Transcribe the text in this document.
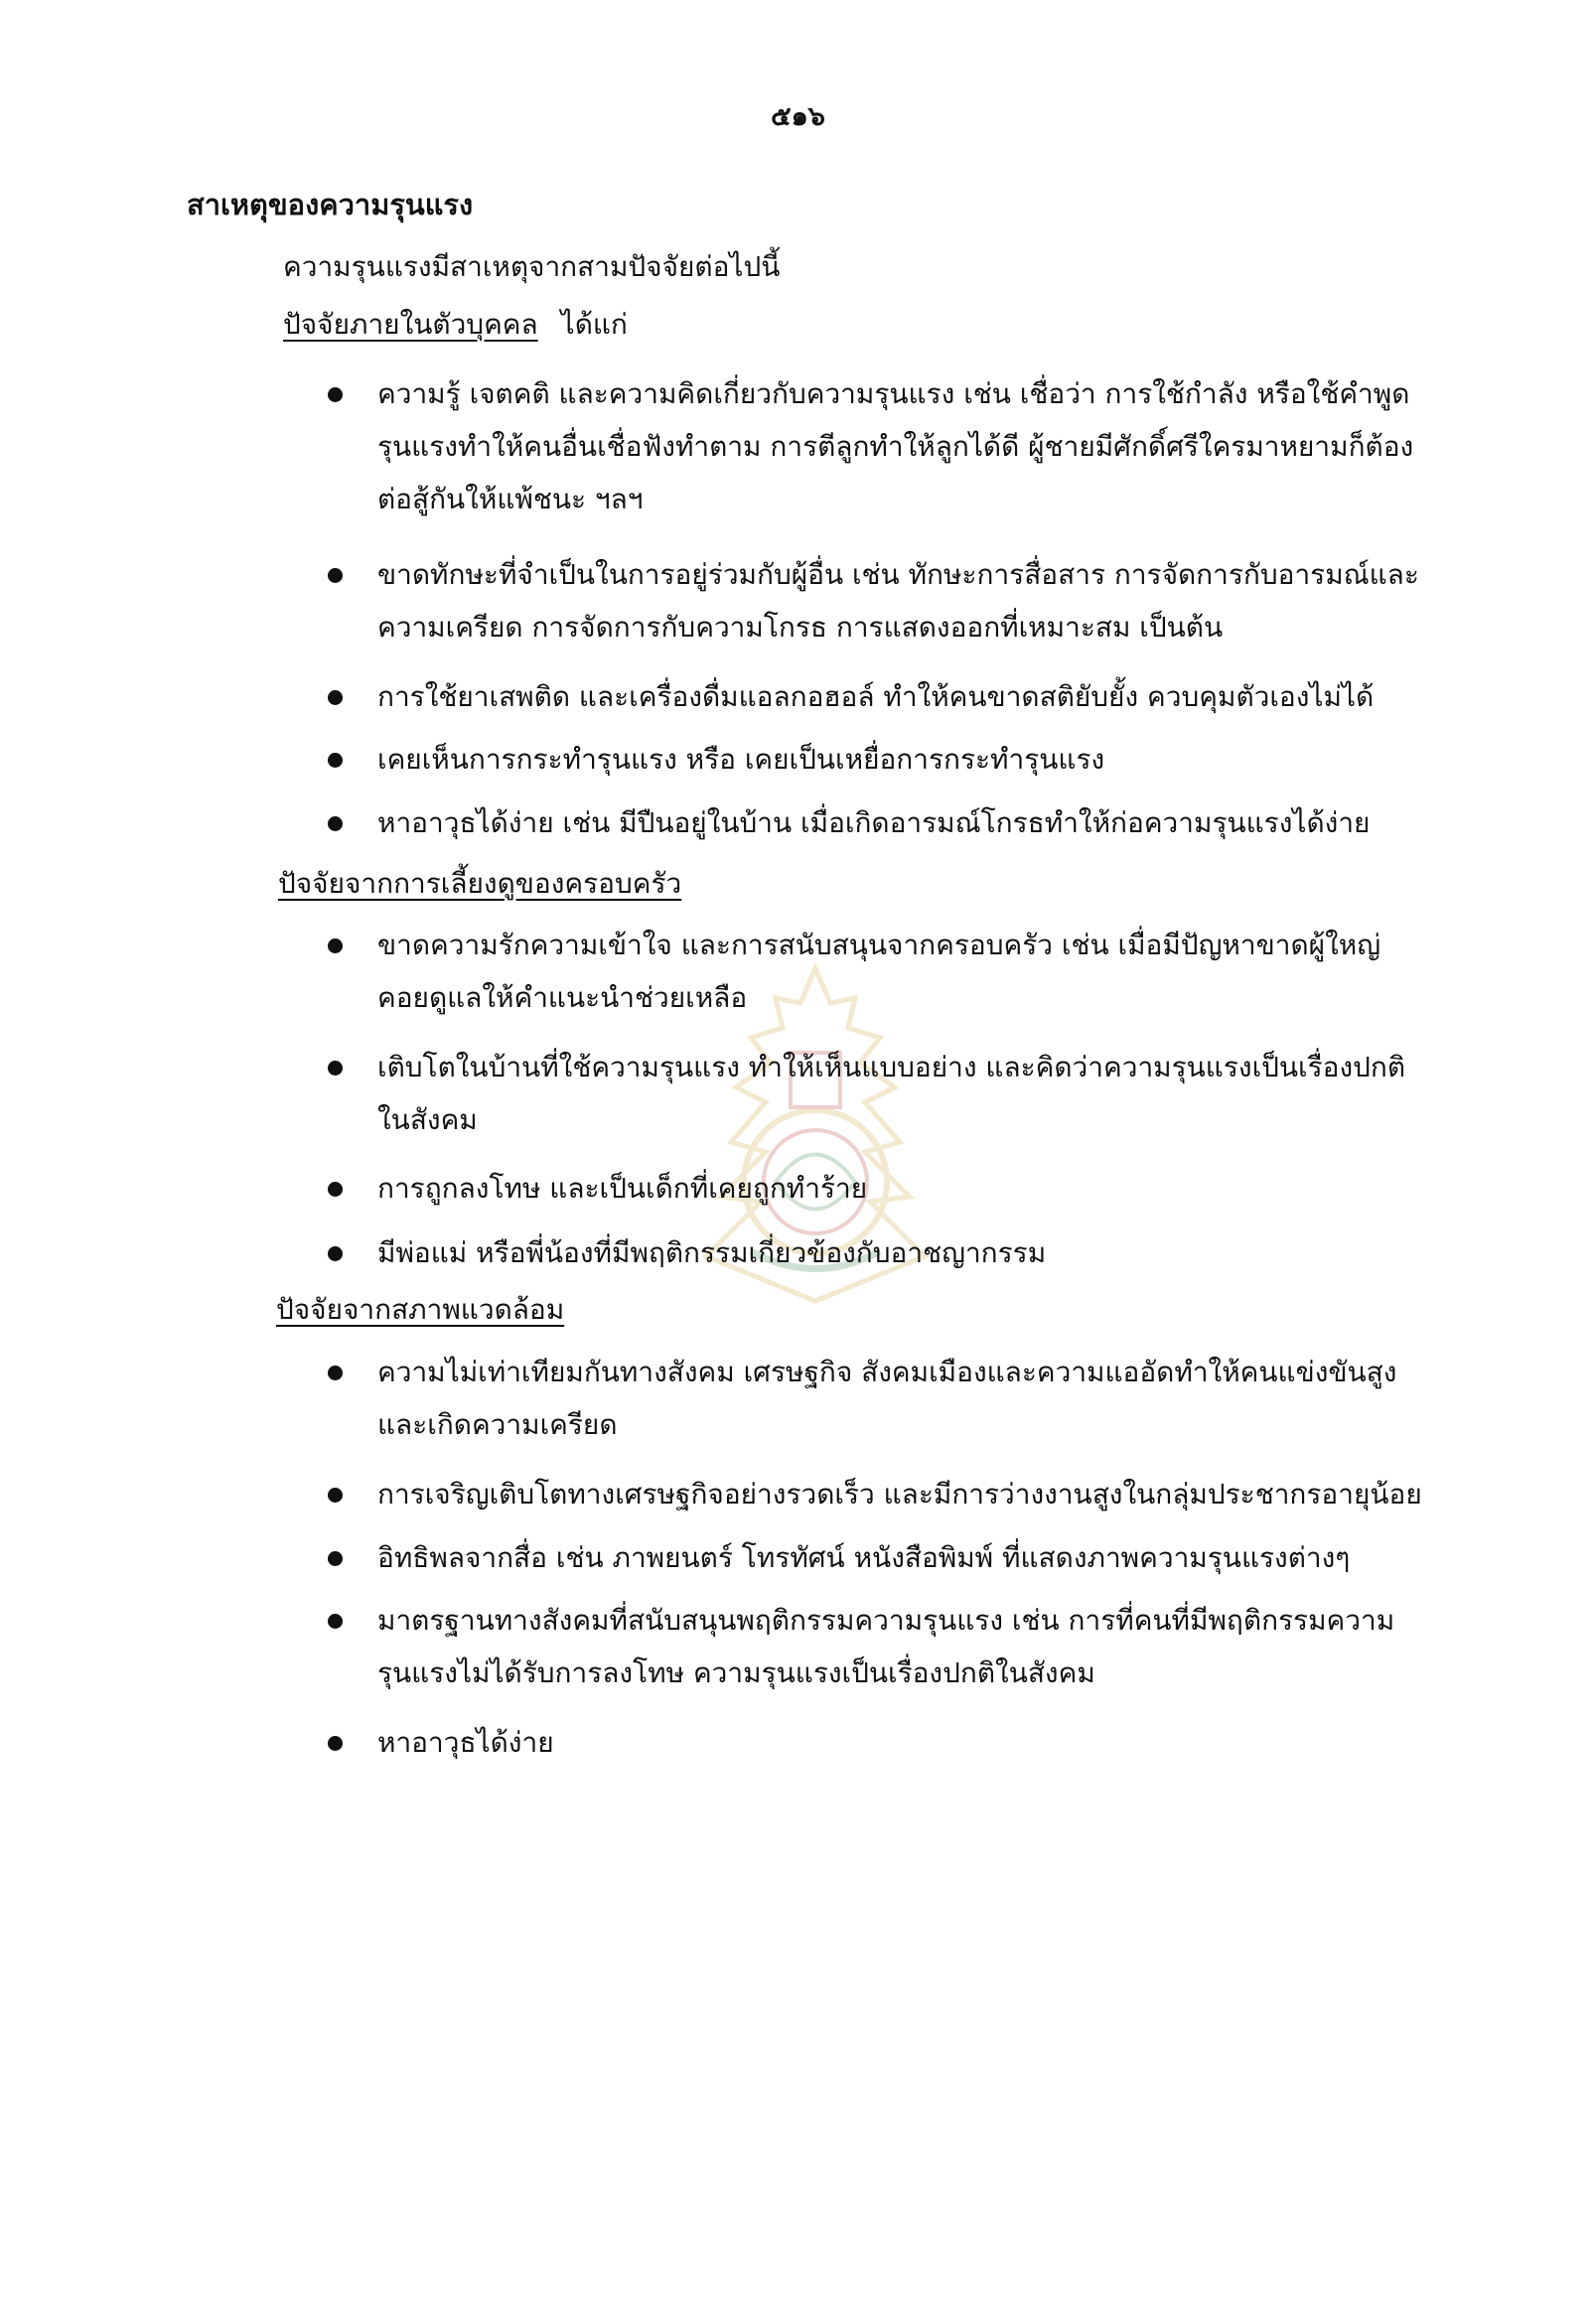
๕๑๖
สาเหตุของความรุนแรง
ความรุนแรงมีสาเหตุจากสามปัจจัยต่อไปนี้
ปัจจัยภายในตัวบุคคล ได้แก่
ความรู้ เจตคติ และความคิดเกี่ยวกับความรุนแรง เช่น เชื่อว่า การใช้กำลัง หรือใช้คำพูดรุนแรงทำให้คนอื่นเชื่อฟังทำตาม การตีลูกทำให้ลูกได้ดี ผู้ชายมีศักดิ์ศรีใครมาหยามก็ต้องต่อสู้กันให้แพ้ชนะ ฯลฯ
ขาดทักษะที่จำเป็นในการอยู่ร่วมกับผู้อื่น เช่น ทักษะการสื่อสาร การจัดการกับอารมณ์และความเครียด การจัดการกับความโกรธ การแสดงออกที่เหมาะสม เป็นต้น
การใช้ยาเสพติด และเครื่องดื่มแอลกอฮอล์ ทำให้คนขาดสติยับยั้ง ควบคุมตัวเองไม่ได้
เคยเห็นการกระทำรุนแรง หรือ เคยเป็นเหยื่อการกระทำรุนแรง
หาอาวุธได้ง่าย เช่น มีปืนอยู่ในบ้าน เมื่อเกิดอารมณ์โกรธทำให้ก่อความรุนแรงได้ง่าย
ปัจจัยจากการเลี้ยงดูของครอบครัว
ขาดความรักความเข้าใจ และการสนับสนุนจากครอบครัว เช่น เมื่อมีปัญหาขาดผู้ใหญ่คอยดูแลให้คำแนะนำช่วยเหลือ
เติบโตในบ้านที่ใช้ความรุนแรง ทำให้เห็นแบบอย่าง และคิดว่าความรุนแรงเป็นเรื่องปกติในสังคม
การถูกลงโทษ และเป็นเด็กที่เคยถูกทำร้าย
มีพ่อแม่ หรือพี่น้องที่มีพฤติกรรมเกี่ยวข้องกับอาชญากรรม
ปัจจัยจากสภาพแวดล้อม
ความไม่เท่าเทียมกันทางสังคม เศรษฐกิจ สังคมเมืองและความแออัดทำให้คนแข่งขันสูงและเกิดความเครียด
การเจริญเติบโตทางเศรษฐกิจอย่างรวดเร็ว และมีการว่างงานสูงในกลุ่มประชากรอายุน้อย
อิทธิพลจากสื่อ เช่น ภาพยนตร์ โทรทัศน์ หนังสือพิมพ์ ที่แสดงภาพความรุนแรงต่างๆ
มาตรฐานทางสังคมที่สนับสนุนพฤติกรรมความรุนแรง เช่น การที่คนที่มีพฤติกรรมความรุนแรงไม่ได้รับการลงโทษ ความรุนแรงเป็นเรื่องปกติในสังคม
หาอาวุธได้ง่าย
